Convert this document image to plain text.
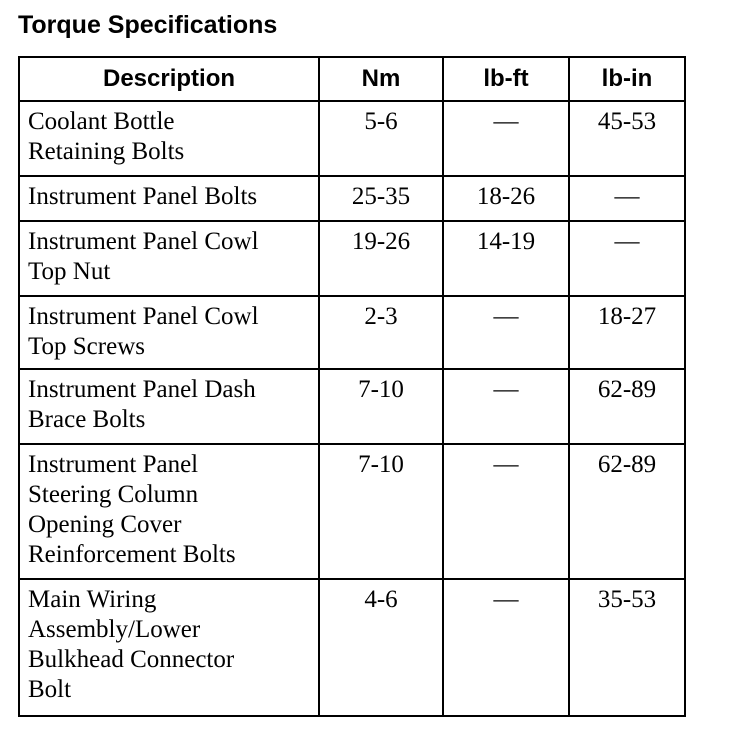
Torque Specifications
Description	Nm	lb-ft	lb-in

Coolant Bottle
Retaining Bolts	5-6	—	45-53

Instrument Panel Bolts	25-35	18-26	—

Instrument Panel Cowl
Top Nut	19-26	14-19	—

Instrument Panel Cowl
Top Screws	2-3	—	18-27

Instrument Panel Dash
Brace Bolts	7-10	—	62-89

Instrument Panel
Steering Column
Opening Cover
Reinforcement Bolts	7-10	—	62-89

Main Wiring
Assembly/Lower
Bulkhead Connector
Bolt	4-6	—	35-53
